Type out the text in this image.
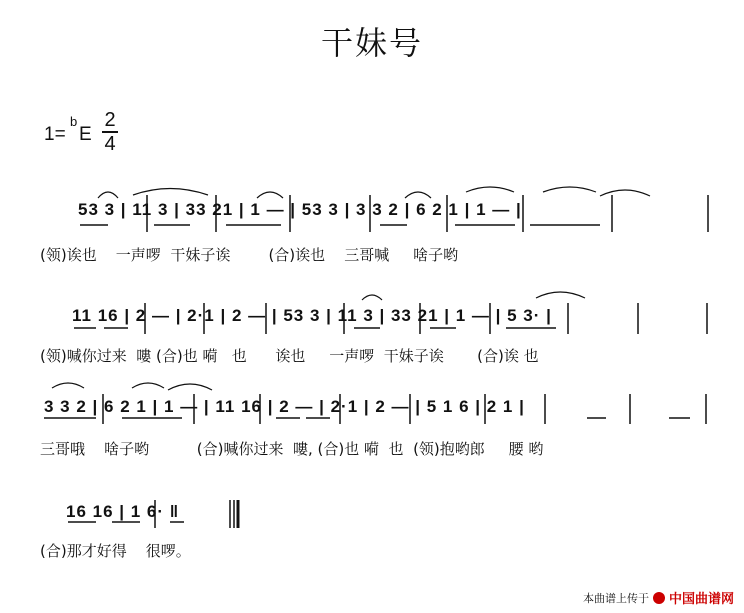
干妹号
1=
b
E
2
4
53 3 | 11 3 | 33 21 | 1 — | 53 3 | 3 3 2 | 6 2 1 | 1 — |
(领)诶也    一声啰  干妹子诶        (合)诶也    三哥喊     啥子哟
11 16 | 2 — | 2·1 | 2 — | 53 3 | 11 3 | 33 21 | 1 — | 5 3· |
(领)喊你过来  嘍 (合)也 嗬   也      诶也     一声啰  干妹子诶       (合)诶 也
3 3 2 | 6 2 1 | 1 — | 11 16 | 2 — | 2·1 | 2 — | 5 1 6 | 2 1 |
三哥哦    啥子哟          (合)喊你过来  嘍, (合)也 嗬  也  (领)抱哟郎     腰 哟
16 16 | 1 6· ‖
(合)那才好得    很啰。
本曲谱上传于 中国曲谱网
